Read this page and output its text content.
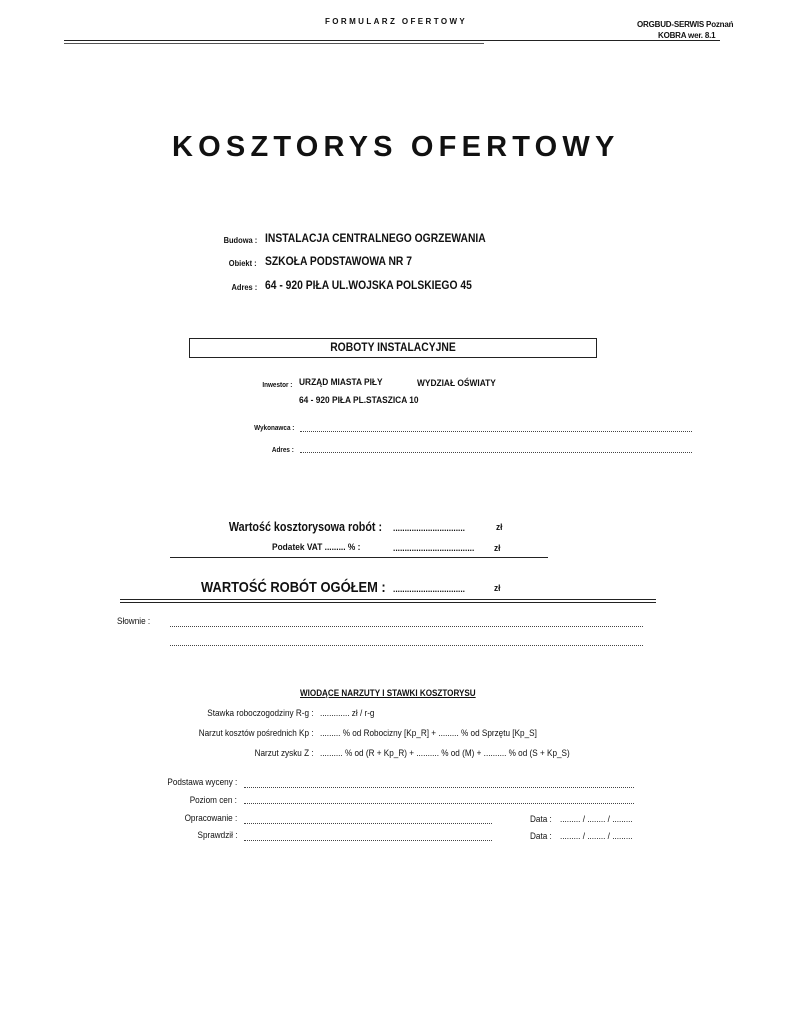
FORMULARZ OFERTOWY	ORGBUD-SERWIS Poznań
KOBRA wer. 8.1
KOSZTORYS OFERTOWY
Budowa : INSTALACJA CENTRALNEGO OGRZEWANIA
Obiekt : SZKOŁA PODSTAWOWA NR 7
Adres : 64 - 920 PIŁA UL.WOJSKA POLSKIEGO 45
ROBOTY INSTALACYJNE
Inwestor : URZĄD MIASTA PIŁY	WYDZIAŁ OŚWIATY
64 - 920 PIŁA PL.STASZICA 10
Wykonawca :
Adres :
Wartość kosztorysowa robót : ...............................	zł
Podatek VAT ......... % :	................................... zł
WARTOŚĆ ROBÓT OGÓŁEM : ...............................	zł
Słownie :
WIODĄCE NARZUTY I STAWKI KOSZTORYSU
Stawka roboczogodziny R-g : ............. zł / r-g
Narzut kosztów pośrednich Kp : ......... % od Robocizny [Kp_R] + ......... % od Sprzętu [Kp_S]
Narzut zysku Z : .......... % od (R + Kp_R) + .......... % od (M) + .......... % od (S + Kp_S)
Podstawa wyceny :
Poziom cen :
Opracowanie :	Data : ......... / ........ / .........
Sprawdził :	Data : ......... / ........ / .........
